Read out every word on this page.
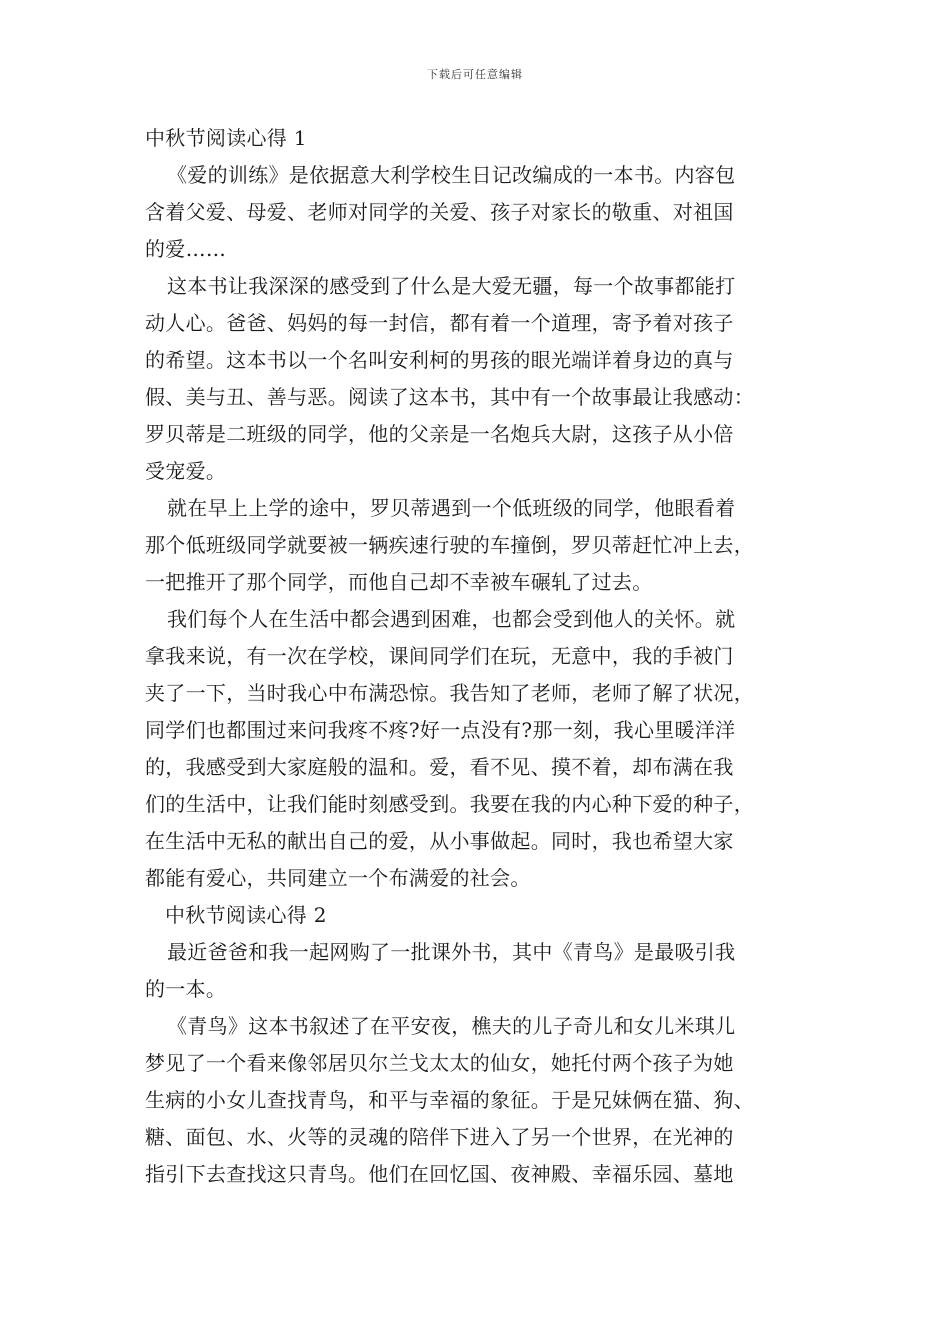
下载后可任意编辑
中秋节阅读心得 1
《爱的训练》是依据意大利学校生日记改编成的一本书。内容包
含着父爱、母爱、老师对同学的关爱、孩子对家长的敬重、对祖国
的爱……
这本书让我深深的感受到了什么是大爱无疆，每一个故事都能打
动人心。爸爸、妈妈的每一封信，都有着一个道理，寄予着对孩子
的希望。这本书以一个名叫安利柯的男孩的眼光端详着身边的真与
假、美与丑、善与恶。阅读了这本书，其中有一个故事最让我感动：
罗贝蒂是二班级的同学，他的父亲是一名炮兵大尉，这孩子从小倍
受宠爱。
就在早上上学的途中，罗贝蒂遇到一个低班级的同学，他眼看着
那个低班级同学就要被一辆疾速行驶的车撞倒，罗贝蒂赶忙冲上去，
一把推开了那个同学，而他自己却不幸被车碾轧了过去。
我们每个人在生活中都会遇到困难，也都会受到他人的关怀。就
拿我来说，有一次在学校，课间同学们在玩，无意中，我的手被门
夹了一下，当时我心中布满恐惊。我告知了老师，老师了解了状况，
同学们也都围过来问我疼不疼?好一点没有?那一刻，我心里暖洋洋
的，我感受到大家庭般的温和。爱，看不见、摸不着，却布满在我
们的生活中，让我们能时刻感受到。我要在我的内心种下爱的种子，
在生活中无私的献出自己的爱，从小事做起。同时，我也希望大家
都能有爱心，共同建立一个布满爱的社会。
中秋节阅读心得 2
最近爸爸和我一起网购了一批课外书，其中《青鸟》是最吸引我
的一本。
《青鸟》这本书叙述了在平安夜，樵夫的儿子奇儿和女儿米琪儿
梦见了一个看来像邻居贝尔兰戈太太的仙女，她托付两个孩子为她
生病的小女儿查找青鸟，和平与幸福的象征。于是兄妹俩在猫、狗、
糖、面包、水、火等的灵魂的陪伴下进入了另一个世界，在光神的
指引下去查找这只青鸟。他们在回忆国、夜神殿、幸福乐园、墓地
